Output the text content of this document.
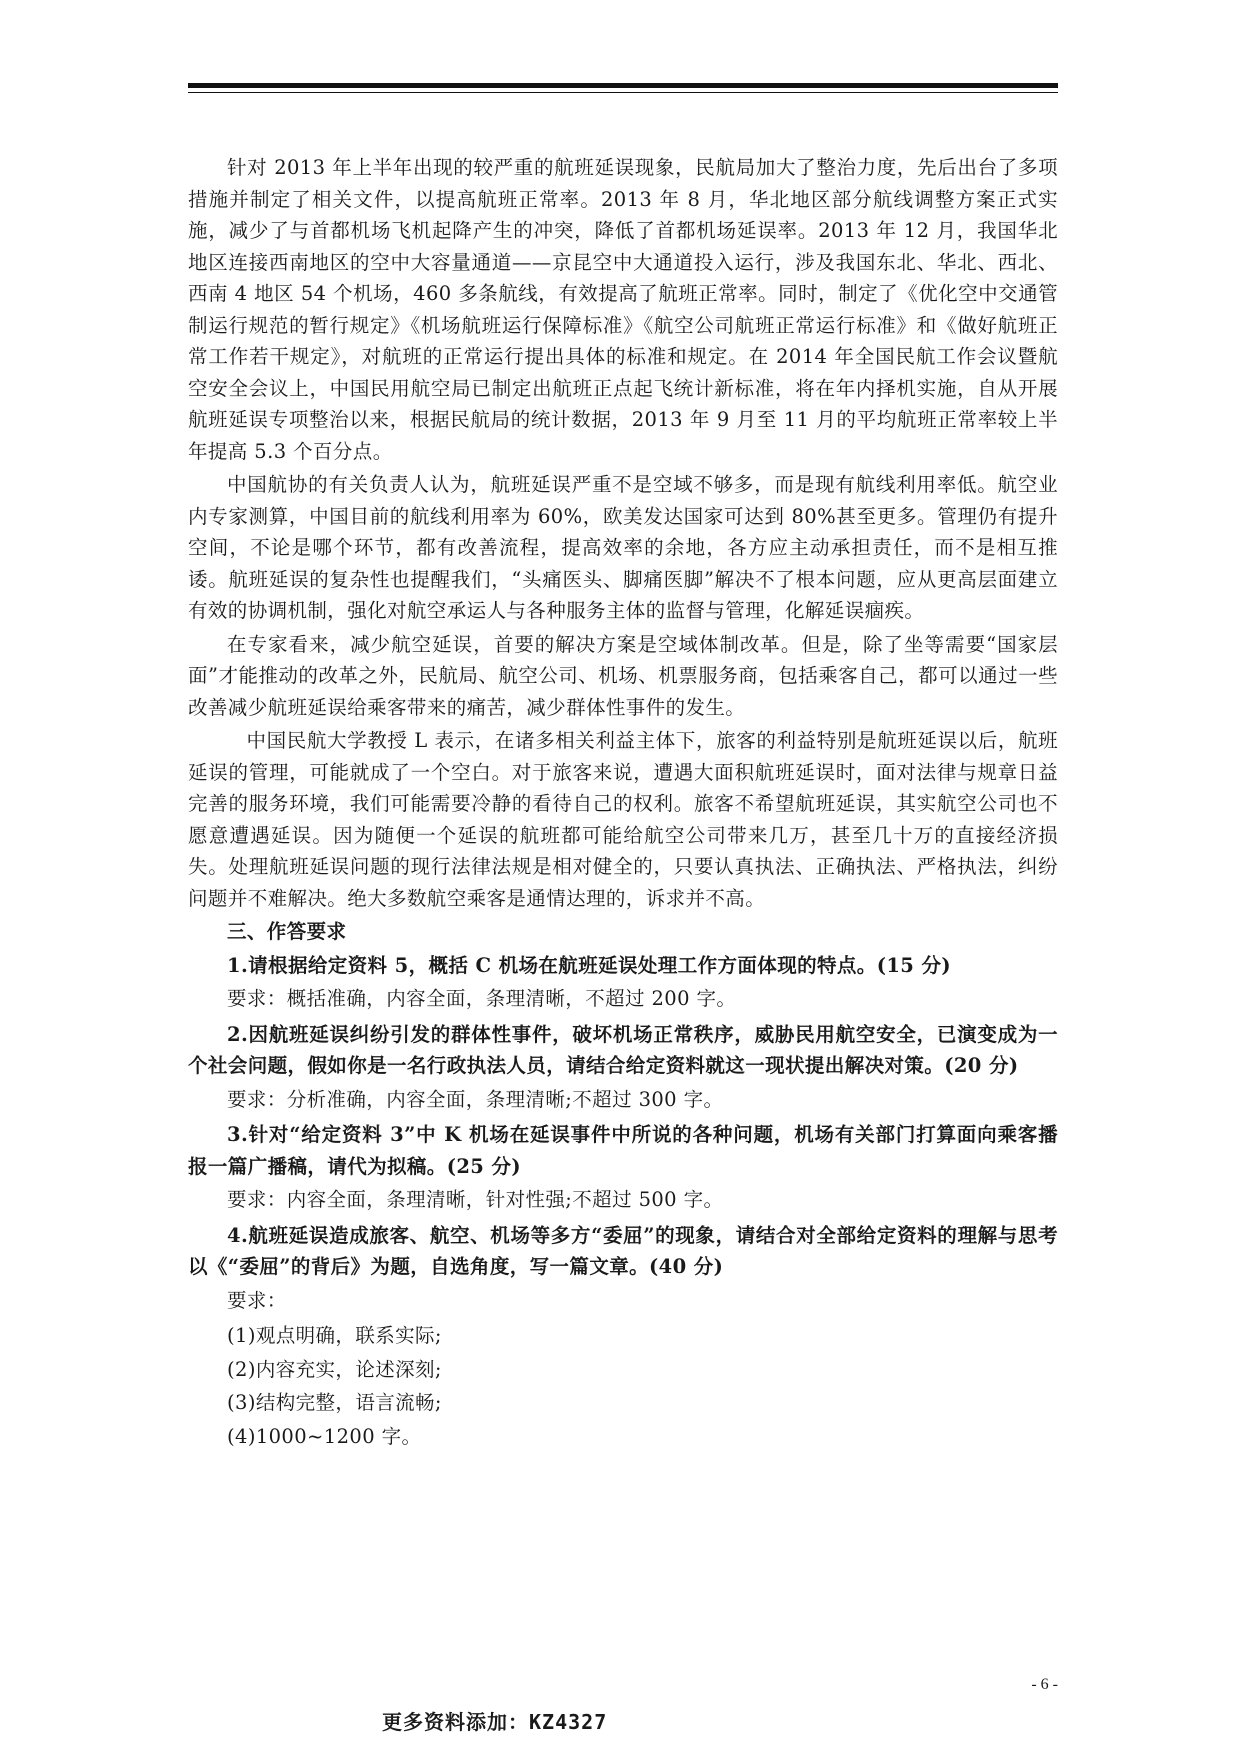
针对 2013 年上半年出现的较严重的航班延误现象，民航局加大了整治力度，先后出台了多项措施并制定了相关文件，以提高航班正常率。2013 年 8 月，华北地区部分航线调整方案正式实施，减少了与首都机场飞机起降产生的冲突，降低了首都机场延误率。2013 年 12 月，我国华北地区连接西南地区的空中大容量通道——京昆空中大通道投入运行，涉及我国东北、华北、西北、西南 4 地区 54 个机场，460 多条航线，有效提高了航班正常率。同时，制定了《优化空中交通管制运行规范的暂行规定》《机场航班运行保障标准》《航空公司航班正常运行标准》和《做好航班正常工作若干规定》，对航班的正常运行提出具体的标准和规定。在 2014 年全国民航工作会议暨航空安全会议上，中国民用航空局已制定出航班正点起飞统计新标准，将在年内择机实施，自从开展航班延误专项整治以来，根据民航局的统计数据，2013 年 9 月至 11 月的平均航班正常率较上半年提高 5.3 个百分点。

中国航协的有关负责人认为，航班延误严重不是空域不够多，而是现有航线利用率低。航空业内专家测算，中国目前的航线利用率为 60%，欧美发达国家可达到 80%甚至更多。管理仍有提升空间，不论是哪个环节，都有改善流程，提高效率的余地，各方应主动承担责任，而不是相互推诿。航班延误的复杂性也提醒我们，“头痛医头、脚痛医脚”解决不了根本问题，应从更高层面建立有效的协调机制，强化对航空承运人与各种服务主体的监督与管理，化解延误痼疾。

在专家看来，减少航空延误，首要的解决方案是空域体制改革。但是，除了坐等需要“国家层面”才能推动的改革之外，民航局、航空公司、机场、机票服务商，包括乘客自己，都可以通过一些改善减少航班延误给乘客带来的痛苦，减少群体性事件的发生。

中国民航大学教授 L 表示，在诸多相关利益主体下，旅客的利益特别是航班延误以后，航班延误的管理，可能就成了一个空白。对于旅客来说，遭遇大面积航班延误时，面对法律与规章日益完善的服务环境，我们可能需要冷静的看待自己的权利。旅客不希望航班延误，其实航空公司也不愿意遭遇延误。因为随便一个延误的航班都可能给航空公司带来几万，甚至几十万的直接经济损失。处理航班延误问题的现行法律法规是相对健全的，只要认真执法、正确执法、严格执法，纠纷问题并不难解决。绝大多数航空乘客是通情达理的，诉求并不高。

三、作答要求

1.请根据给定资料 5，概括 C 机场在航班延误处理工作方面体现的特点。(15 分)

要求：概括准确，内容全面，条理清晰，不超过 200 字。

2.因航班延误纠纷引发的群体性事件，破坏机场正常秩序，威胁民用航空安全，已演变成为一个社会问题，假如你是一名行政执法人员，请结合给定资料就这一现状提出解决对策。(20 分)

要求：分析准确，内容全面，条理清晰;不超过 300 字。

3.针对“给定资料 3”中 K 机场在延误事件中所说的各种问题，机场有关部门打算面向乘客播报一篇广播稿，请代为拟稿。(25 分)

要求：内容全面，条理清晰，针对性强;不超过 500 字。

4.航班延误造成旅客、航空、机场等多方“委屈”的现象，请结合对全部给定资料的理解与思考以《“委屈”的背后》为题，自选角度，写一篇文章。(40 分)

要求：

(1)观点明确，联系实际;

(2)内容充实，论述深刻;

(3)结构完整，语言流畅;

(4)1000~1200 字。

- 6 -
更多资料添加：KZ4327
